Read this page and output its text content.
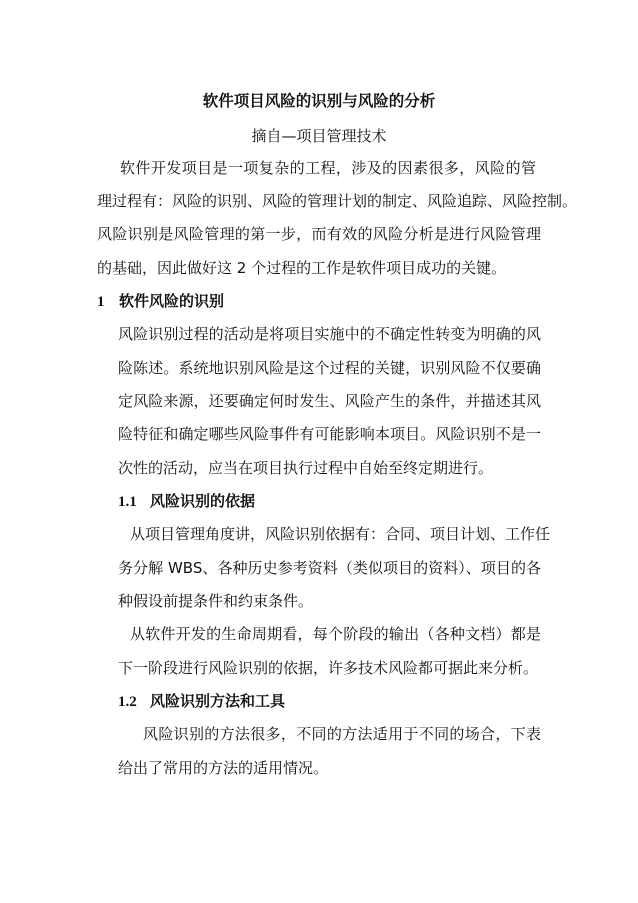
软件项目风险的识别与风险的分析
摘自—项目管理技术
软件开发项目是一项复杂的工程，涉及的因素很多，风险的管
理过程有：风险的识别、风险的管理计划的制定、风险追踪、风险控制。
风险识别是风险管理的第一步，而有效的风险分析是进行风险管理
的基础，因此做好这 2 个过程的工作是软件项目成功的关键。
1 软件风险的识别
风险识别过程的活动是将项目实施中的不确定性转变为明确的风
险陈述。系统地识别风险是这个过程的关键，识别风险不仅要确
定风险来源，还要确定何时发生、风险产生的条件，并描述其风
险特征和确定哪些风险事件有可能影响本项目。风险识别不是一
次性的活动，应当在项目执行过程中自始至终定期进行。
1.1 风险识别的依据
从项目管理角度讲，风险识别依据有：合同、项目计划、工作任
务分解 WBS、各种历史参考资料（类似项目的资料）、项目的各
种假设前提条件和约束条件。
从软件开发的生命周期看，每个阶段的输出（各种文档）都是
下一阶段进行风险识别的依据，许多技术风险都可据此来分析。
1.2 风险识别方法和工具
风险识别的方法很多，不同的方法适用于不同的场合，下表
给出了常用的方法的适用情况。
